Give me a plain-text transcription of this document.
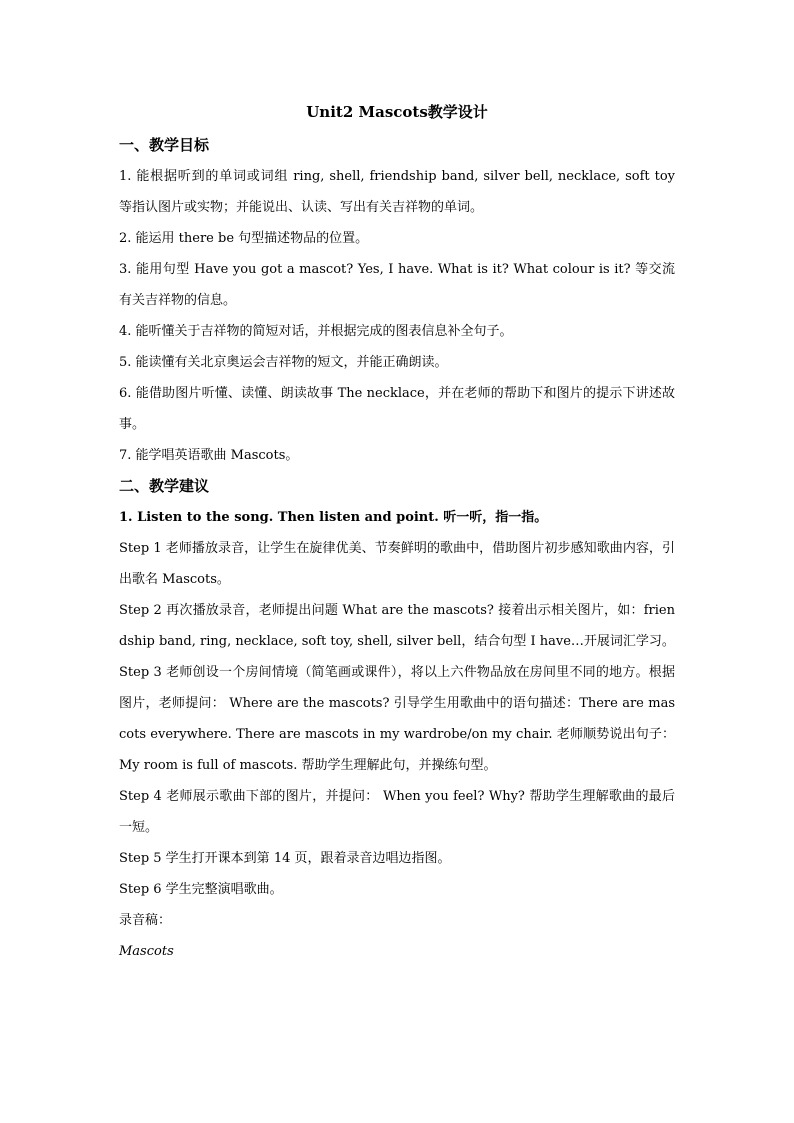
Unit2 Mascots教学设计

一、教学目标

1. 能根据听到的单词或词组 ring, shell, friendship band, silver bell, necklace, soft toy 等指认图片或实物；并能说出、认读、写出有关吉祥物的单词。

2. 能运用 there be 句型描述物品的位置。

3. 能用句型 Have you got a mascot? Yes, I have. What is it? What colour is it? 等交流有关吉祥物的信息。

4. 能听懂关于吉祥物的简短对话，并根据完成的图表信息补全句子。

5. 能读懂有关北京奥运会吉祥物的短文，并能正确朗读。

6. 能借助图片听懂、读懂、朗读故事 The necklace，并在老师的帮助下和图片的提示下讲述故事。

7. 能学唱英语歌曲 Mascots。

二、教学建议

1. Listen to the song. Then listen and point. 听一听，指一指。

Step 1 老师播放录音，让学生在旋律优美、节奏鲜明的歌曲中，借助图片初步感知歌曲内容，引出歌名 Mascots。

Step 2 再次播放录音，老师提出问题 What are the mascots? 接着出示相关图片，如：friendship band, ring, necklace, soft toy, shell, silver bell，结合句型 I have…开展词汇学习。

Step 3 老师创设一个房间情境（简笔画或课件），将以上六件物品放在房间里不同的地方。根据图片，老师提问： Where are the mascots? 引导学生用歌曲中的语句描述：There are mascots everywhere. There are mascots in my wardrobe/on my chair. 老师顺势说出句子：My room is full of mascots. 帮助学生理解此句，并操练句型。

Step 4 老师展示歌曲下部的图片，并提问： When you feel? Why? 帮助学生理解歌曲的最后一短。

Step 5 学生打开课本到第 14 页，跟着录音边唱边指图。

Step 6 学生完整演唱歌曲。

录音稿：

Mascots
